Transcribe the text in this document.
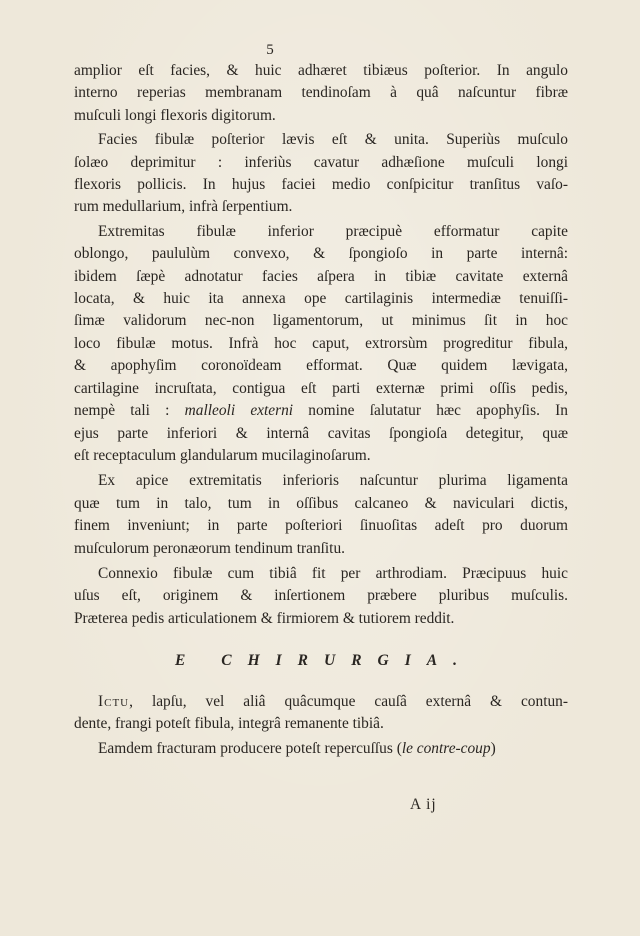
5

amplior eſt facies, & huic adhæret tibiæus poſterior. In angulo
interno reperias membranam tendinoſam à quâ naſcuntur fibræ
muſculi longi flexoris digitorum.

Facies fibulæ poſterior lævis eſt & unita. Superiùs muſculo
ſolæo deprimitur : inferiùs cavatur adhæſione muſculi longi
flexoris pollicis. In hujus faciei medio conſpicitur tranſitus vaſo-
rum medullarium, infrà ſerpentium.

Extremitas fibulæ inferior præcipuè efformatur capite
oblongo, paululùm convexo, & ſpongioſo in parte internâ:
ibidem ſæpè adnotatur facies aſpera in tibiæ cavitate externâ
locata, & huic ita annexa ope cartilaginis intermediæ tenuiſſi-
ſimæ validorum nec-non ligamentorum, ut minimus ſit in hoc
loco fibulæ motus. Infrà hoc caput, extrorsùm progreditur fibula,
& apophyſim coronoïdeam efformat. Quæ quidem lævigata,
cartilagine incruſtata, contigua eſt parti externæ primi oſſis pedis,
nempè tali : malleoli externi nomine ſalutatur hæc apophyſis. In
ejus parte inferiori & internâ cavitas ſpongioſa detegitur, quæ
eſt receptaculum glandularum mucilaginoſarum.

Ex apice extremitatis inferioris naſcuntur plurima ligamenta
quæ tum in talo, tum in oſſibus calcaneo & naviculari dictis,
finem inveniunt; in parte poſteriori ſinuoſitas adeſt pro duorum
muſculorum peronæorum tendinum tranſitu.

Connexio fibulæ cum tibiâ fit per arthrodiam. Præcipuus huic
uſus eſt, originem & inſertionem præbere pluribus muſculis.
Præterea pedis articulationem & firmiorem & tutiorem reddit.

E CHIRURGIA.

Ictu, lapſu, vel aliâ quâcumque cauſâ externâ & contun-
dente, frangi poteſt fibula, integrâ remanente tibiâ.

Eamdem fracturam producere poteſt repercuſſus (le contre-coup)

A ij
